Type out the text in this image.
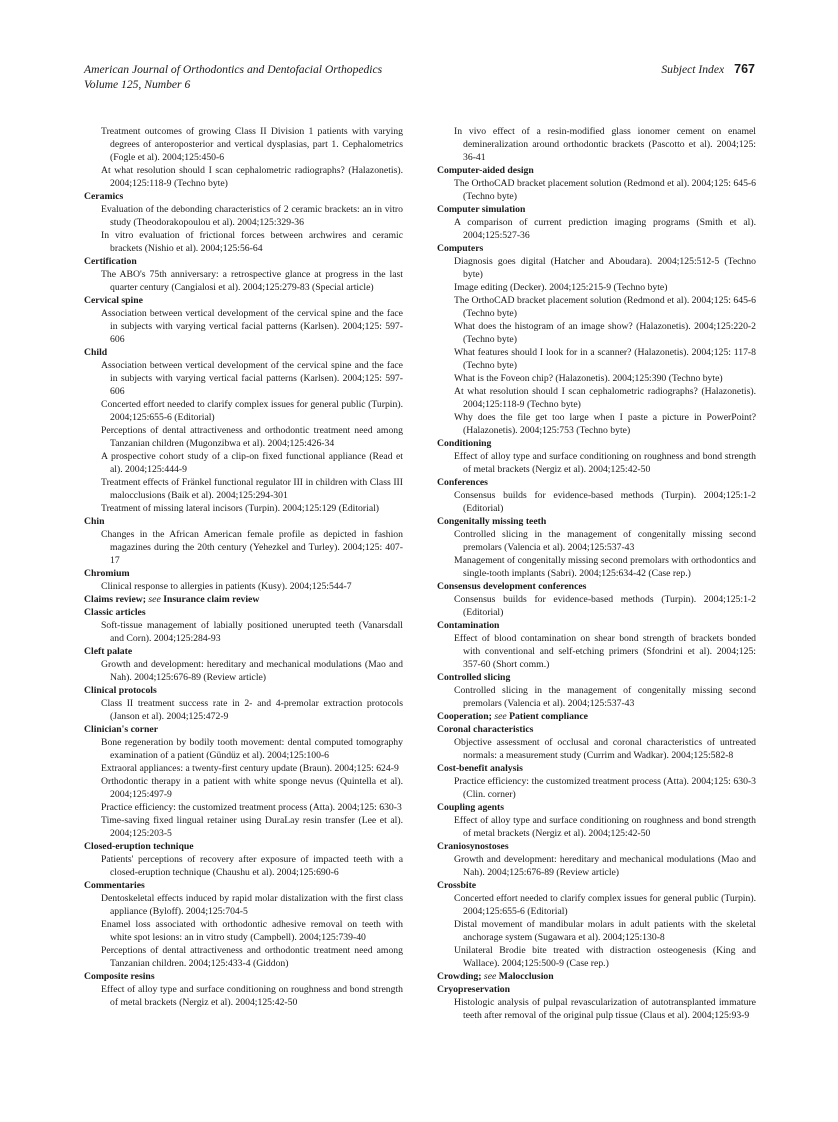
American Journal of Orthodontics and Dentofacial Orthopedics
Volume 125, Number 6
Subject Index 767
Treatment outcomes of growing Class II Division 1 patients with varying degrees of anteroposterior and vertical dysplasias, part 1. Cephalometrics (Fogle et al). 2004;125:450-6
At what resolution should I scan cephalometric radiographs? (Halazonetis). 2004;125:118-9 (Techno byte)
Ceramics
Evaluation of the debonding characteristics of 2 ceramic brackets: an in vitro study (Theodorakopoulou et al). 2004;125:329-36
In vitro evaluation of frictional forces between archwires and ceramic brackets (Nishio et al). 2004;125:56-64
Certification
The ABO's 75th anniversary: a retrospective glance at progress in the last quarter century (Cangialosi et al). 2004;125:279-83 (Special article)
Cervical spine
Association between vertical development of the cervical spine and the face in subjects with varying vertical facial patterns (Karlsen). 2004;125: 597-606
Child
Association between vertical development of the cervical spine and the face in subjects with varying vertical facial patterns (Karlsen). 2004;125: 597-606
Concerted effort needed to clarify complex issues for general public (Turpin). 2004;125:655-6 (Editorial)
Perceptions of dental attractiveness and orthodontic treatment need among Tanzanian children (Mugonzibwa et al). 2004;125:426-34
A prospective cohort study of a clip-on fixed functional appliance (Read et al). 2004;125:444-9
Treatment effects of Fränkel functional regulator III in children with Class III malocclusions (Baik et al). 2004;125:294-301
Treatment of missing lateral incisors (Turpin). 2004;125:129 (Editorial)
Chin
Changes in the African American female profile as depicted in fashion magazines during the 20th century (Yehezkel and Turley). 2004;125: 407-17
Chromium
Clinical response to allergies in patients (Kusy). 2004;125:544-7
Claims review; see Insurance claim review
Classic articles
Soft-tissue management of labially positioned unerupted teeth (Vanarsdall and Corn). 2004;125:284-93
Cleft palate
Growth and development: hereditary and mechanical modulations (Mao and Nah). 2004;125:676-89 (Review article)
Clinical protocols
Class II treatment success rate in 2- and 4-premolar extraction protocols (Janson et al). 2004;125:472-9
Clinician's corner
Bone regeneration by bodily tooth movement: dental computed tomography examination of a patient (Gündüz et al). 2004;125:100-6
Extraoral appliances: a twenty-first century update (Braun). 2004;125: 624-9
Orthodontic therapy in a patient with white sponge nevus (Quintella et al). 2004;125:497-9
Practice efficiency: the customized treatment process (Atta). 2004;125: 630-3
Time-saving fixed lingual retainer using DuraLay resin transfer (Lee et al). 2004;125:203-5
Closed-eruption technique
Patients' perceptions of recovery after exposure of impacted teeth with a closed-eruption technique (Chaushu et al). 2004;125:690-6
Commentaries
Dentoskeletal effects induced by rapid molar distalization with the first class appliance (Byloff). 2004;125:704-5
Enamel loss associated with orthodontic adhesive removal on teeth with white spot lesions: an in vitro study (Campbell). 2004;125:739-40
Perceptions of dental attractiveness and orthodontic treatment need among Tanzanian children. 2004;125:433-4 (Giddon)
Composite resins
Effect of alloy type and surface conditioning on roughness and bond strength of metal brackets (Nergiz et al). 2004;125:42-50
In vivo effect of a resin-modified glass ionomer cement on enamel demineralization around orthodontic brackets (Pascotto et al). 2004;125: 36-41
Computer-aided design
The OrthoCAD bracket placement solution (Redmond et al). 2004;125: 645-6 (Techno byte)
Computer simulation
A comparison of current prediction imaging programs (Smith et al). 2004;125:527-36
Computers
Diagnosis goes digital (Hatcher and Aboudara). 2004;125:512-5 (Techno byte)
Image editing (Decker). 2004;125:215-9 (Techno byte)
The OrthoCAD bracket placement solution (Redmond et al). 2004;125: 645-6 (Techno byte)
What does the histogram of an image show? (Halazonetis). 2004;125:220-2 (Techno byte)
What features should I look for in a scanner? (Halazonetis). 2004;125: 117-8 (Techno byte)
What is the Foveon chip? (Halazonetis). 2004;125:390 (Techno byte)
At what resolution should I scan cephalometric radiographs? (Halazonetis). 2004;125:118-9 (Techno byte)
Why does the file get too large when I paste a picture in PowerPoint? (Halazonetis). 2004;125:753 (Techno byte)
Conditioning
Effect of alloy type and surface conditioning on roughness and bond strength of metal brackets (Nergiz et al). 2004;125:42-50
Conferences
Consensus builds for evidence-based methods (Turpin). 2004;125:1-2 (Editorial)
Congenitally missing teeth
Controlled slicing in the management of congenitally missing second premolars (Valencia et al). 2004;125:537-43
Management of congenitally missing second premolars with orthodontics and single-tooth implants (Sabri). 2004;125:634-42 (Case rep.)
Consensus development conferences
Consensus builds for evidence-based methods (Turpin). 2004;125:1-2 (Editorial)
Contamination
Effect of blood contamination on shear bond strength of brackets bonded with conventional and self-etching primers (Sfondrini et al). 2004;125: 357-60 (Short comm.)
Controlled slicing
Controlled slicing in the management of congenitally missing second premolars (Valencia et al). 2004;125:537-43
Cooperation; see Patient compliance
Coronal characteristics
Objective assessment of occlusal and coronal characteristics of untreated normals: a measurement study (Currim and Wadkar). 2004;125:582-8
Cost-benefit analysis
Practice efficiency: the customized treatment process (Atta). 2004;125: 630-3 (Clin. corner)
Coupling agents
Effect of alloy type and surface conditioning on roughness and bond strength of metal brackets (Nergiz et al). 2004;125:42-50
Craniosynostoses
Growth and development: hereditary and mechanical modulations (Mao and Nah). 2004;125:676-89 (Review article)
Crossbite
Concerted effort needed to clarify complex issues for general public (Turpin). 2004;125:655-6 (Editorial)
Distal movement of mandibular molars in adult patients with the skeletal anchorage system (Sugawara et al). 2004;125:130-8
Unilateral Brodie bite treated with distraction osteogenesis (King and Wallace). 2004;125:500-9 (Case rep.)
Crowding; see Malocclusion
Cryopreservation
Histologic analysis of pulpal revascularization of autotransplanted immature teeth after removal of the original pulp tissue (Claus et al). 2004;125:93-9
